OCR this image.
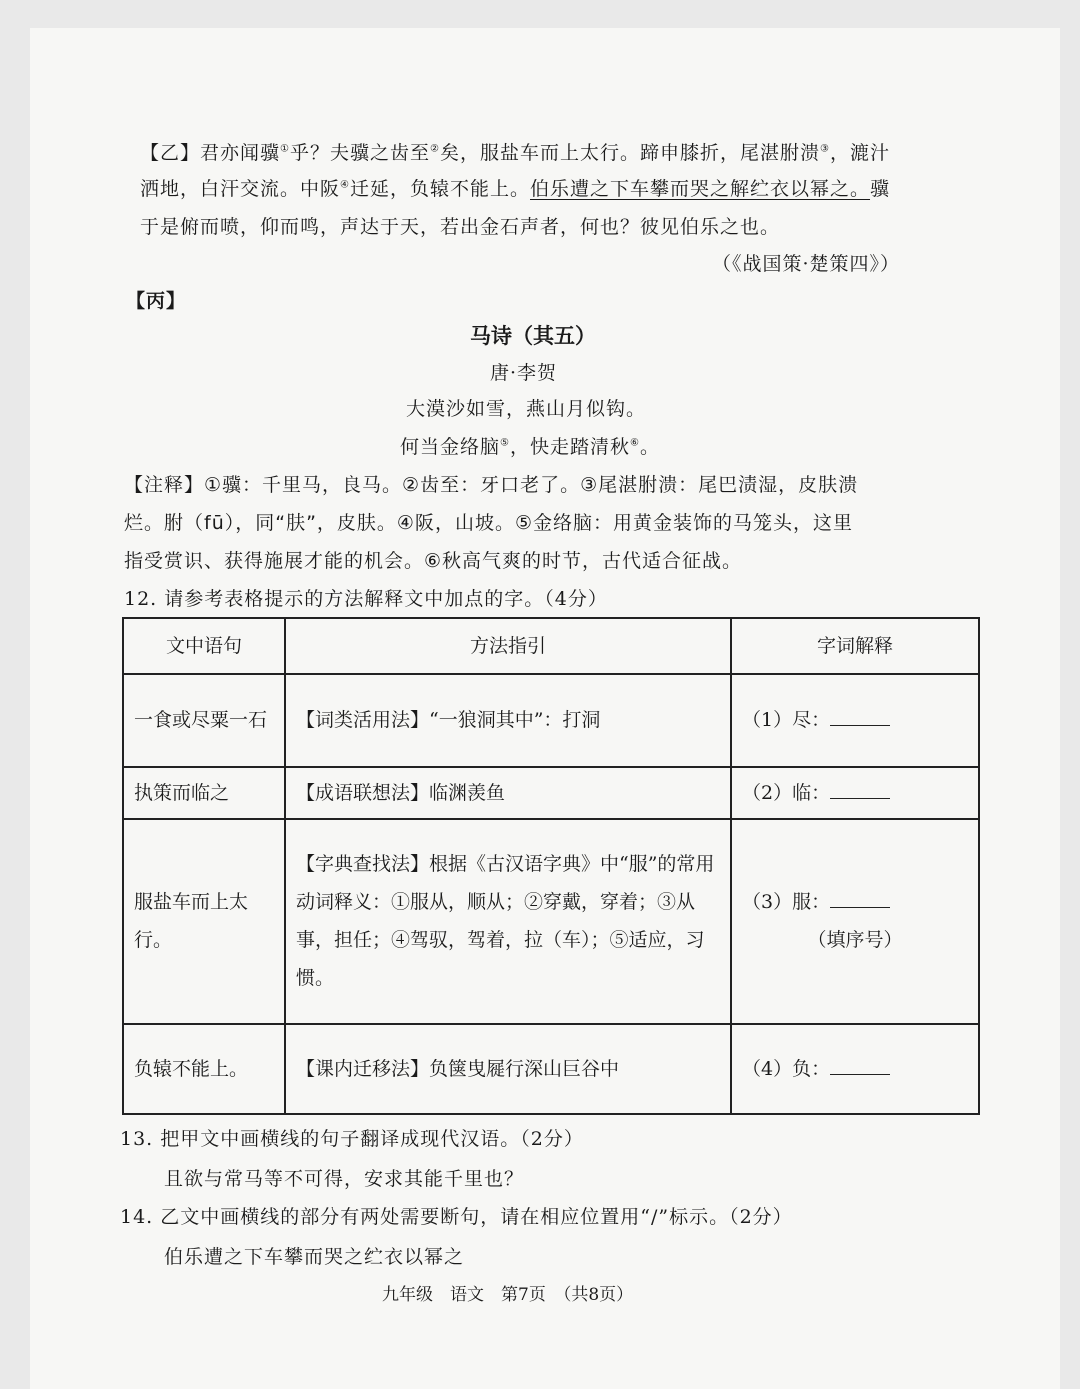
【乙】君亦闻骥①乎？夫骥之齿至②矣，服盐车而上太行。蹄申膝折，尾湛胕溃③，漉汁
洒地，白汗交流。中阪④迁延，负辕不能上。伯乐遭之下车攀而哭之解纻衣以幂之。骥
于是俯而喷，仰而鸣，声达于天，若出金石声者，何也？彼见伯乐之也。
（《战国策·楚策四》）
【丙】
马诗（其五）
唐·李贺
大漠沙如雪，燕山月似钩。
何当金络脑⑤，快走踏清秋⑥。
【注释】①骥：千里马，良马。②齿至：牙口老了。③尾湛胕溃：尾巴渍湿，皮肤溃
烂。胕（fū），同“肤”，皮肤。④阪，山坡。⑤金络脑：用黄金装饰的马笼头，这里
指受赏识、获得施展才能的机会。⑥秋高气爽的时节，古代适合征战。
12. 请参考表格提示的方法解释文中加点的字。（4分）
文中语句	方法指引	字词解释
一食或尽粟一石	【词类活用法】“一狼洞其中”：打洞	（1）尽：
执策而临之	【成语联想法】临渊羡鱼	（2）临：
服盐车而上太行。	【字典查找法】根据《古汉语字典》中“服”的常用动词释义：①服从，顺从；②穿戴，穿着；③从事，担任；④驾驭，驾着，拉（车）；⑤适应，习惯。	（3）服：
（填序号）

负辕不能上。	【课内迁移法】负箧曳屣行深山巨谷中	（4）负：
13. 把甲文中画横线的句子翻译成现代汉语。（2分）
且欲与常马等不可得，安求其能千里也？
14. 乙文中画横线的部分有两处需要断句，请在相应位置用“/”标示。（2分）
伯乐遭之下车攀而哭之纻衣以幂之
九年级　语文　第7页　（共8页）
